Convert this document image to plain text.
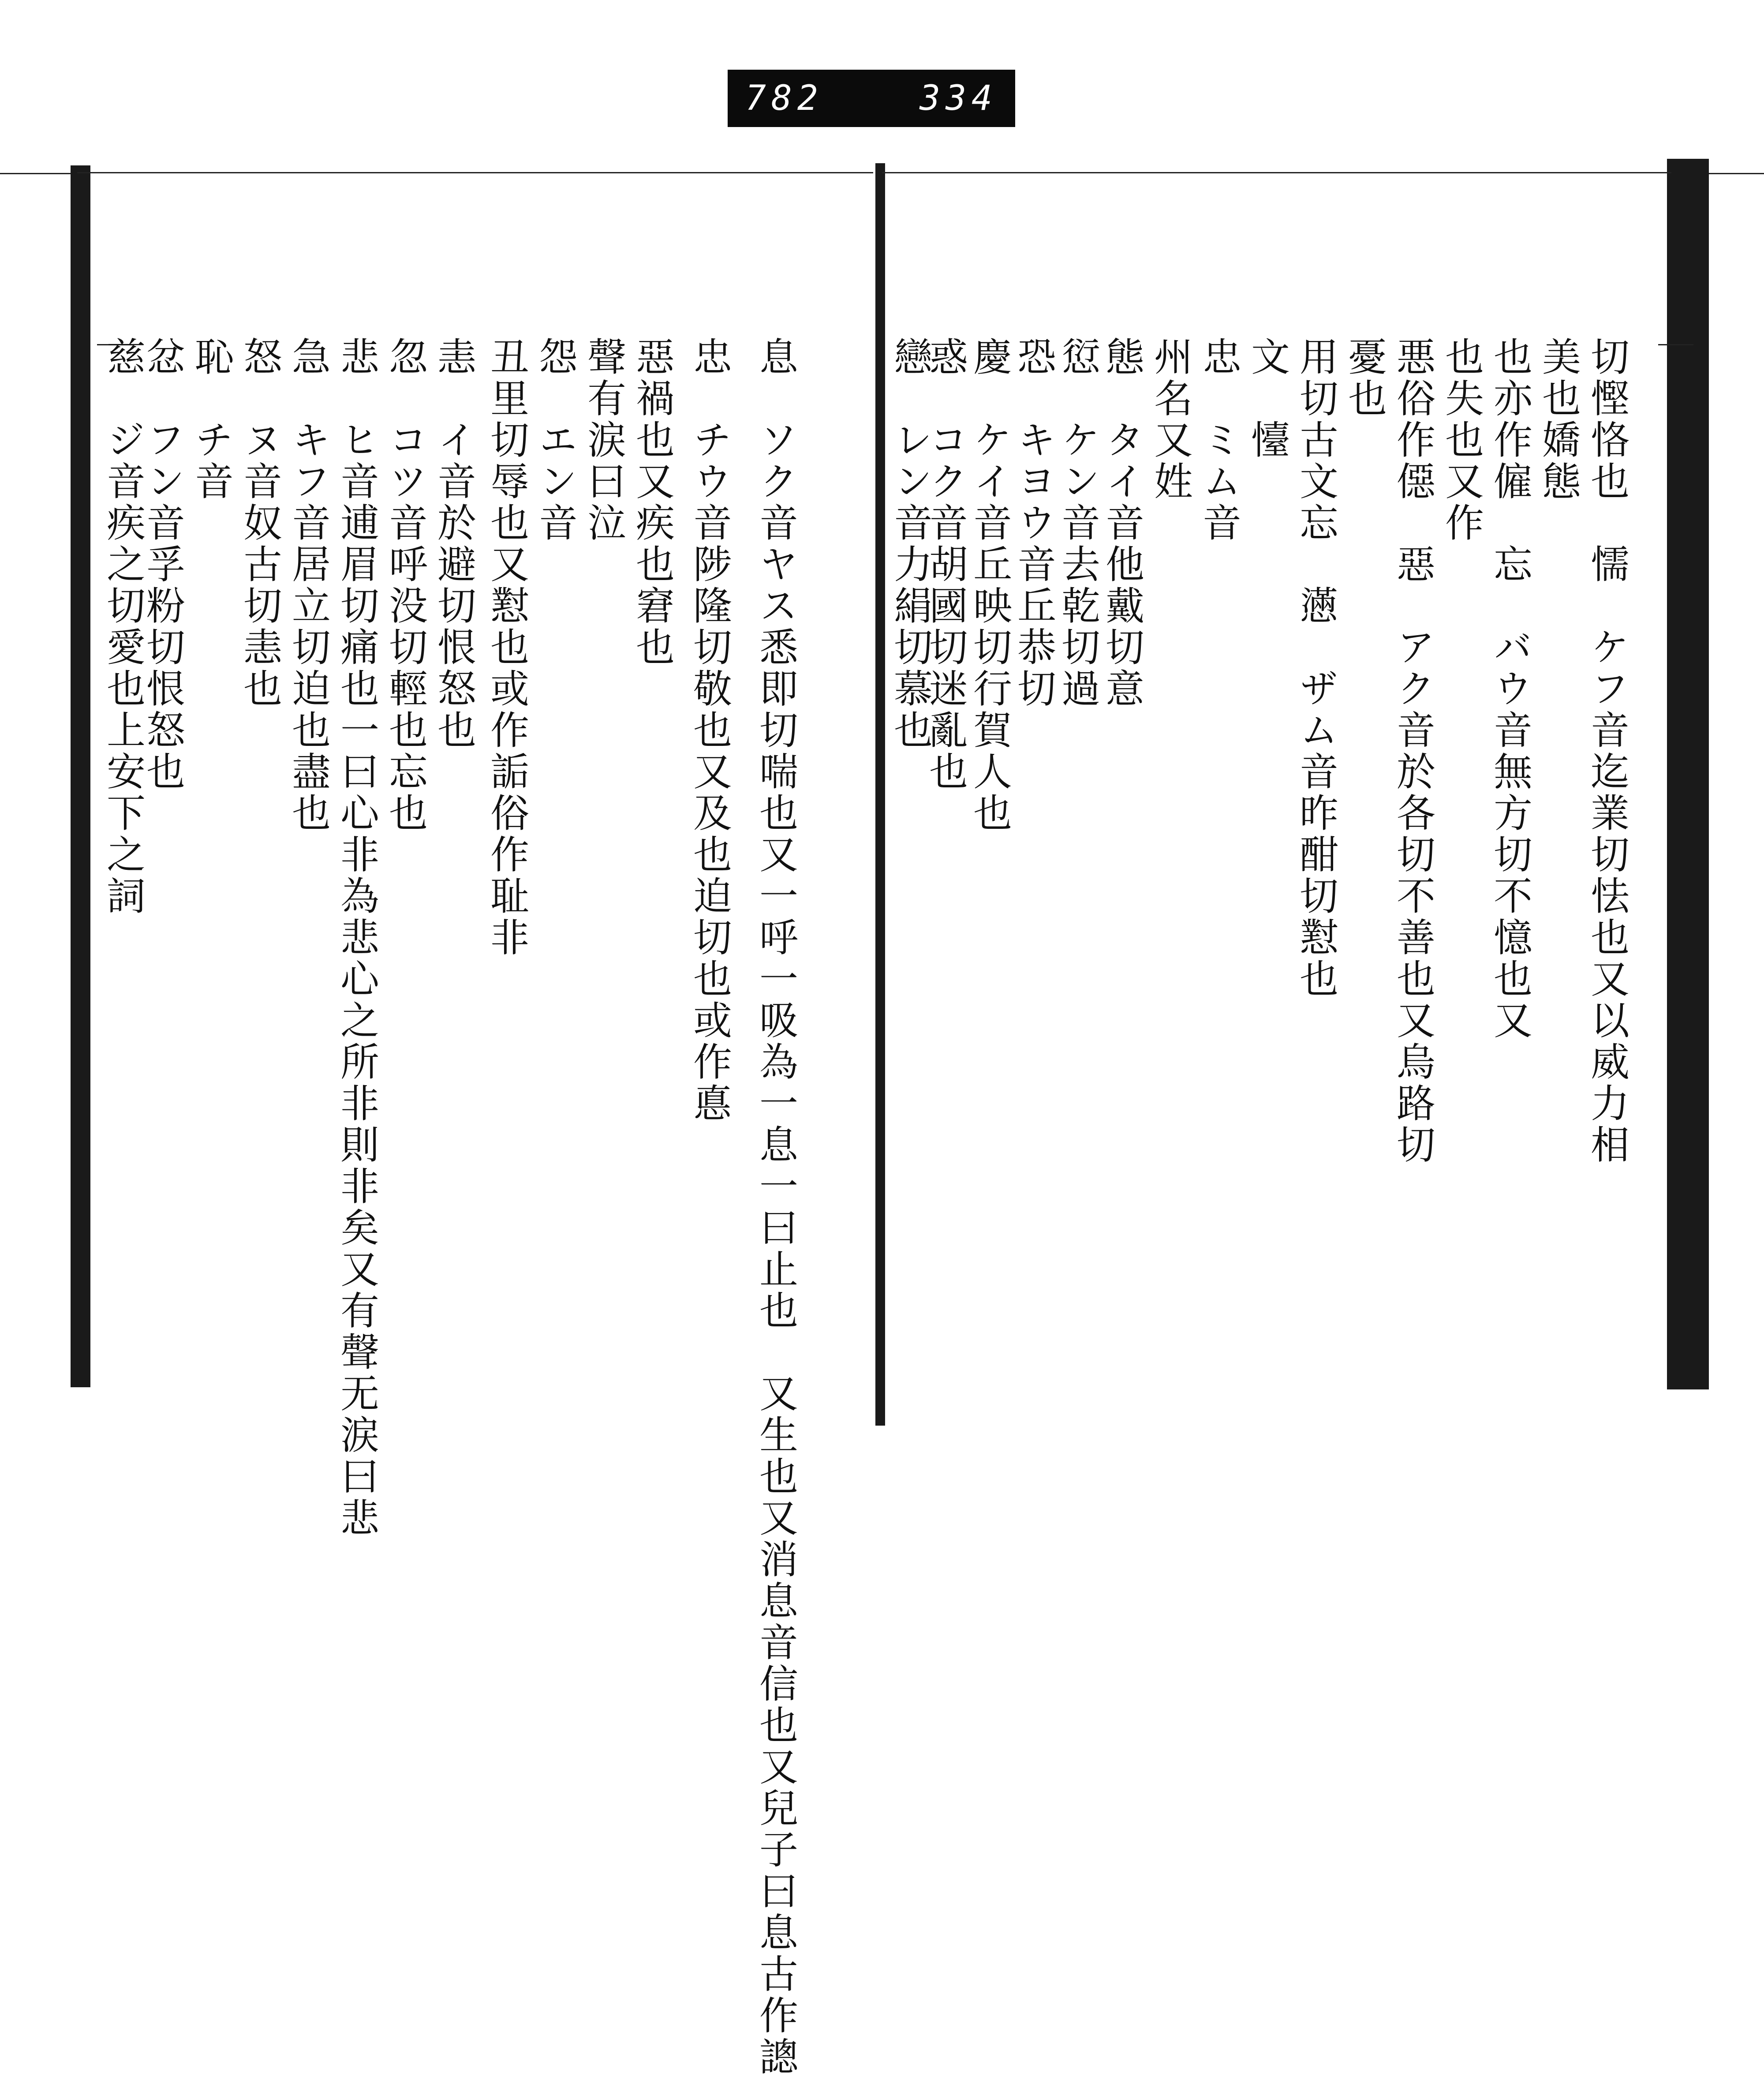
782	334
息　ソク音ヤス悉即切喘也又一呼一吸為一息一曰止也　又生也又消息音信也又兒子曰息古作謥
忠　チウ音陟隆切敬也又及也迫切也或作悳
惡禍也又疾也窘也
聲有涙曰泣
怨　エン音
丑里切辱也又懟也或作詬俗作耻非
恚　イ音於避切恨怒也
忽　コツ音呼没切輕也忘也
悲　ヒ音逋眉切痛也一曰心非為悲心之所非則非矣又有聲无涙曰悲
急　キフ音居立切迫也盡也
怒　ヌ音奴古切恚也
恥　チ音
忿　フン音孚粉切恨怒也
慈　ジ音疾之切愛也上安下之詞	切慳恪也　懦　ケフ音迄業切怯也又以威力相
美也嬌態
也亦作僱　忘　バウ音無方切不憶也又
也失也又作
悪俗作僫　惡　アク音於各切不善也又烏路切
憂也
用切古文忘　懣　ザム音昨酣切懟也
文　懛
忠　ミム音
州名又姓
態　タイ音他戴切意
愆　ケン音去乾切過
恐　キヨウ音丘恭切
慶　ケイ音丘映切行賀人也
惑　コク音胡國切迷亂也
戀　レン音力絹切慕也
